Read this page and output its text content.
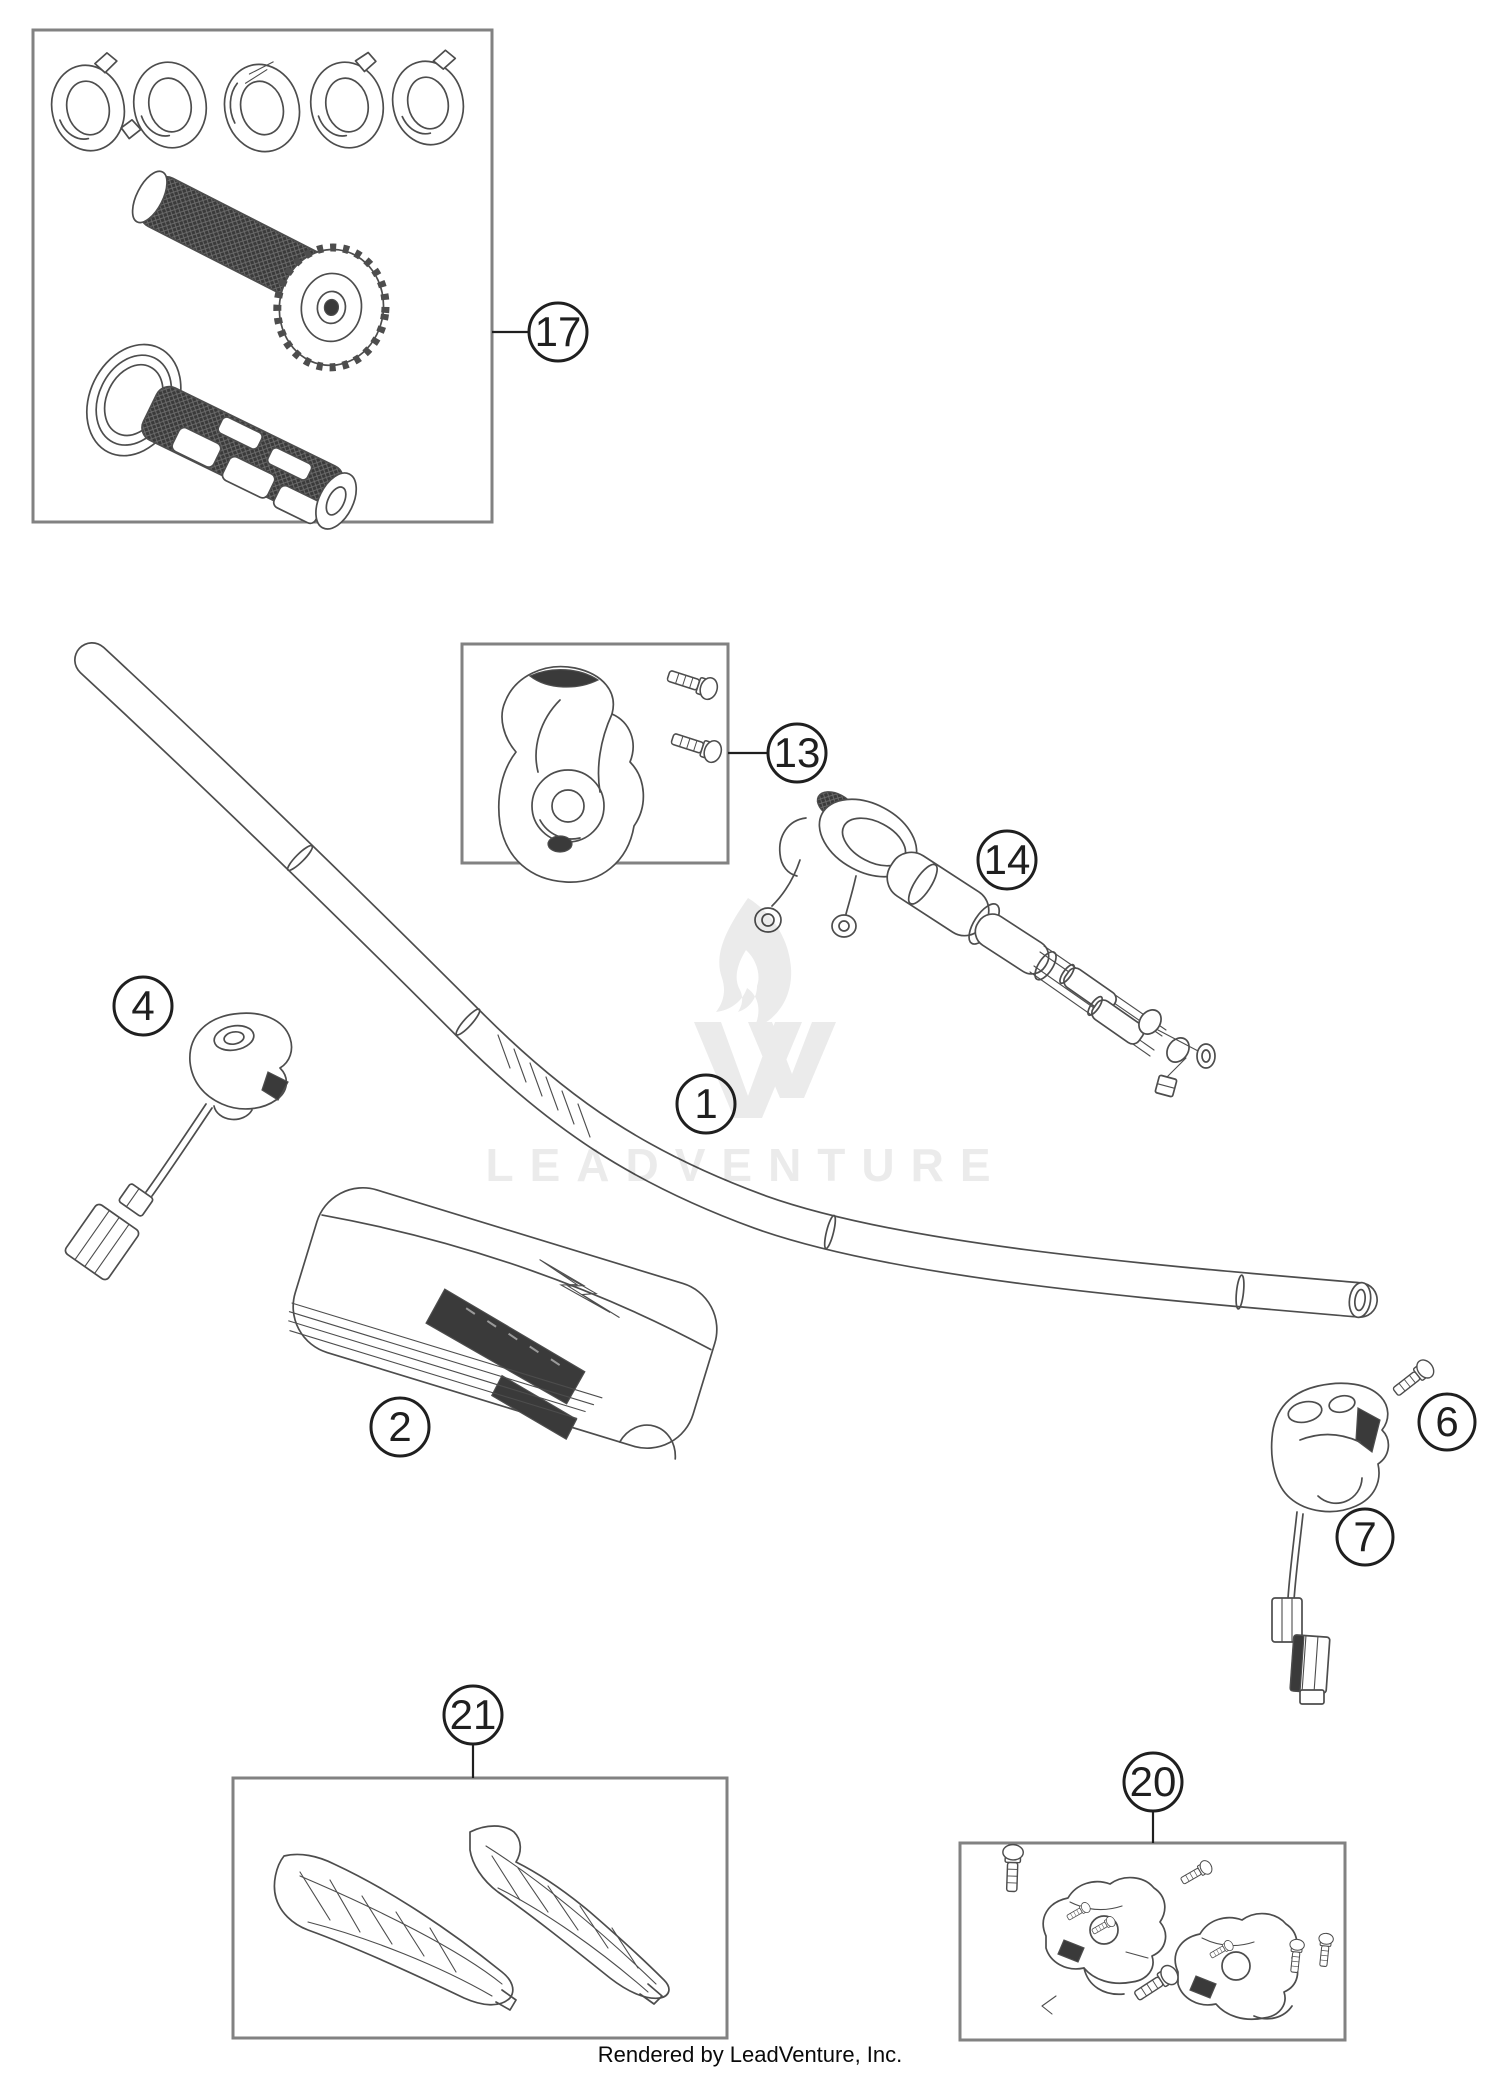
17
13
14
4
1
2	6
7
21
20
LEADVENTURE
Rendered by LeadVenture, Inc.
